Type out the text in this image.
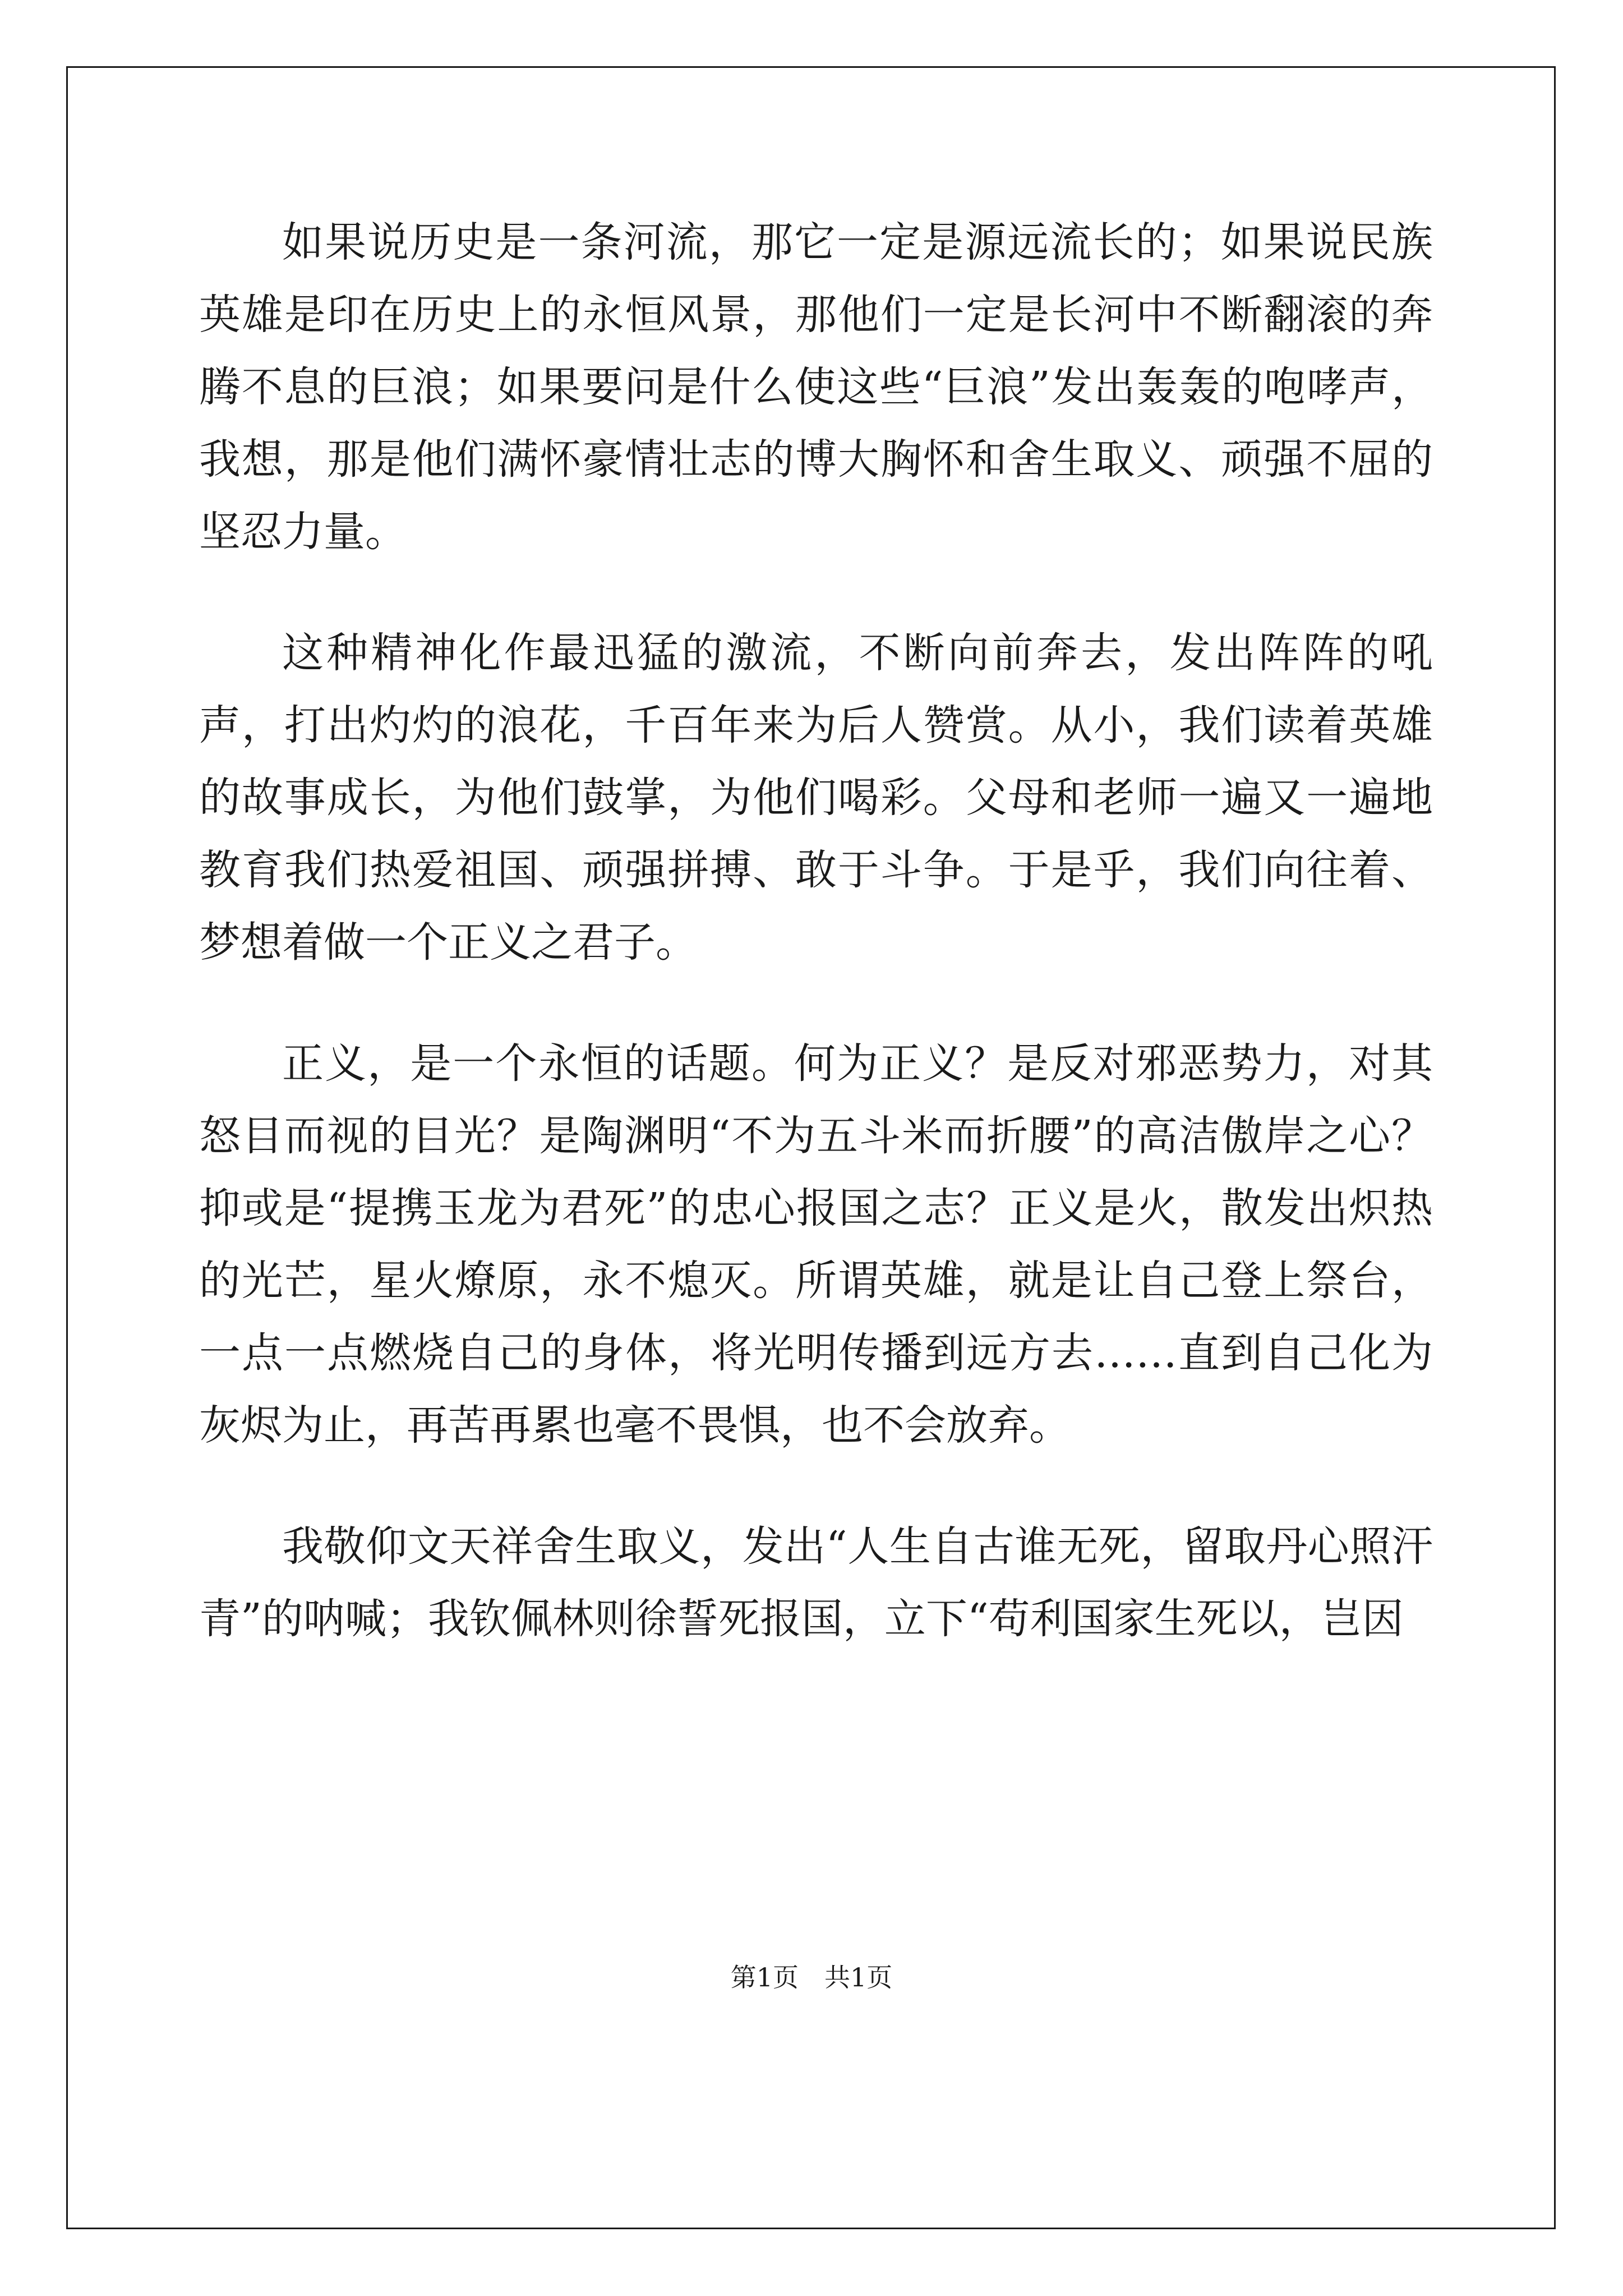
如果说历史是一条河流，那它一定是源远流长的；如果说民族英雄是印在历史上的永恒风景，那他们一定是长河中不断翻滚的奔腾不息的巨浪；如果要问是什么使这些“巨浪”发出轰轰的咆哮声，我想，那是他们满怀豪情壮志的博大胸怀和舍生取义、顽强不屈的坚忍力量。

这种精神化作最迅猛的激流，不断向前奔去，发出阵阵的吼声，打出灼灼的浪花，千百年来为后人赞赏。从小，我们读着英雄的故事成长，为他们鼓掌，为他们喝彩。父母和老师一遍又一遍地教育我们热爱祖国、顽强拼搏、敢于斗争。于是乎，我们向往着、梦想着做一个正义之君子。

正义，是一个永恒的话题。何为正义？是反对邪恶势力，对其怒目而视的目光？是陶渊明“不为五斗米而折腰”的高洁傲岸之心？抑或是“提携玉龙为君死”的忠心报国之志？正义是火，散发出炽热的光芒，星火燎原，永不熄灭。所谓英雄，就是让自己登上祭台，一点一点燃烧自己的身体，将光明传播到远方去……直到自己化为灰烬为止，再苦再累也毫不畏惧，也不会放弃。

我敬仰文天祥舍生取义，发出“人生自古谁无死，留取丹心照汗青”的呐喊；我钦佩林则徐誓死报国，立下“苟利国家生死以，岂因

第1页 共1页
